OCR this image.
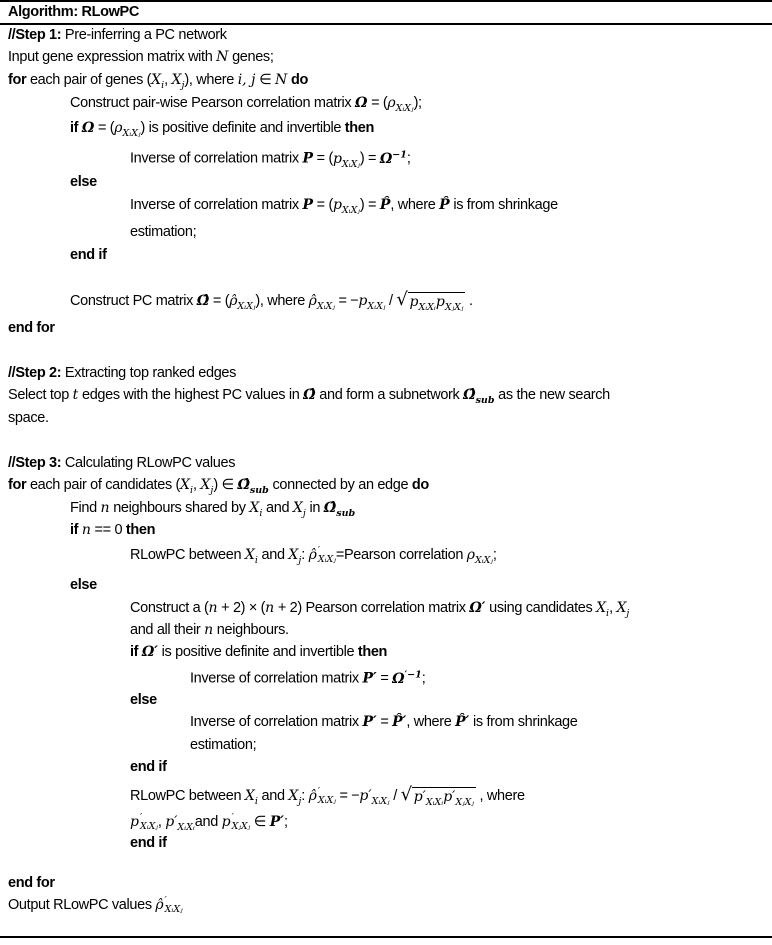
Algorithm: RLowPC
//Step 1: Pre-inferring a PC network
Input gene expression matrix with N genes;
for each pair of genes ($X_i$, $X_j$), where i, j ∈ N do
Construct pair-wise Pearson correlation matrix $\Omega = (\rho_{XᵢXⱼ})$;
if $\Omega = (\rho_{XᵢXⱼ})$ is positive definite and invertible then
Inverse of correlation matrix $P = (p_{XᵢXⱼ}) = \Omega^{-1}$;
else
Inverse of correlation matrix $P = (p_{XᵢXⱼ})$ = P̂, where P̂ is from shrinkage
estimation;
end if
Construct PC matrix Ω̂ = $(\rhô_{XᵢXⱼ})$, where $\rhô_{XᵢXⱼ} = -p_{XᵢXⱼ}$ / √ $p_{XᵢXᵢ}p_{XⱼXⱼ}$ .
end for
//Step 2: Extracting top ranked edges
Select top t edges with the highest PC values in Ω̂ and form a subnetwork $\Omegâ_{sub}$ as the new search
space.
//Step 3: Calculating RLowPC values
for each pair of candidates ($X_i$, $X_j$) ∈ $\Omegâ_{sub}$ connected by an edge do
Find n neighbours shared by $X_i$ and $X_j$ in $\Omegâ_{sub}$
if n == 0 then
RLowPC between $X_i$ and $X_j$: ρ̂ ′
XᵢXⱼ =Pearson correlation $\rho_{XᵢXⱼ}$;
else
Construct a (n + 2) × (n + 2) Pearson correlation matrix Ω′ using candidates $X_i$, $X_j$
and all their n neighbours.
if Ω′ is positive definite and invertible then
Inverse of correlation matrix $P' = \Omega^{'-1}$;
else
Inverse of correlation matrix P′ = P̂′, where P̂′ is from shrinkage
estimation;
end if
RLowPC between $X_i$ and $X_j$: ρ̂ ′
XᵢXⱼ = $-p'_{XᵢXⱼ}$ / √ $p'_{XᵢXᵢ}p'_{XⱼXⱼ}$ , where
p ′
XᵢXⱼ , $p'_{XᵢXᵢ}and$ p ′
XⱼXⱼ ∈ P′;
end if
end for
Output RLowPC values ρ̂ ′
XᵢXⱼ
